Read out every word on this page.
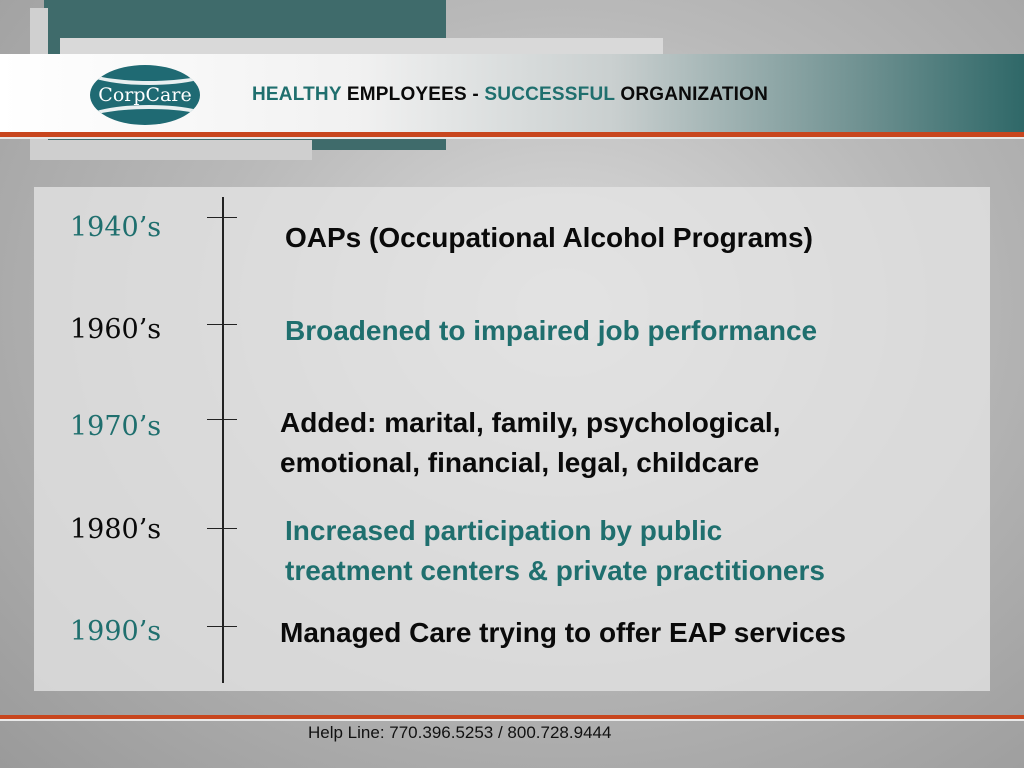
CorpCare	HEALTHY EMPLOYEES - SUCCESSFUL ORGANIZATION
1940’s	OAPs (Occupational Alcohol Programs)
1960’s	Broadened to impaired job performance
1970’s	Added: marital, family, psychological,
emotional, financial, legal, childcare
1980’s	Increased participation by public
treatment centers & private practitioners
1990’s	Managed Care trying to offer EAP services
Help Line: 770.396.5253 / 800.728.9444
